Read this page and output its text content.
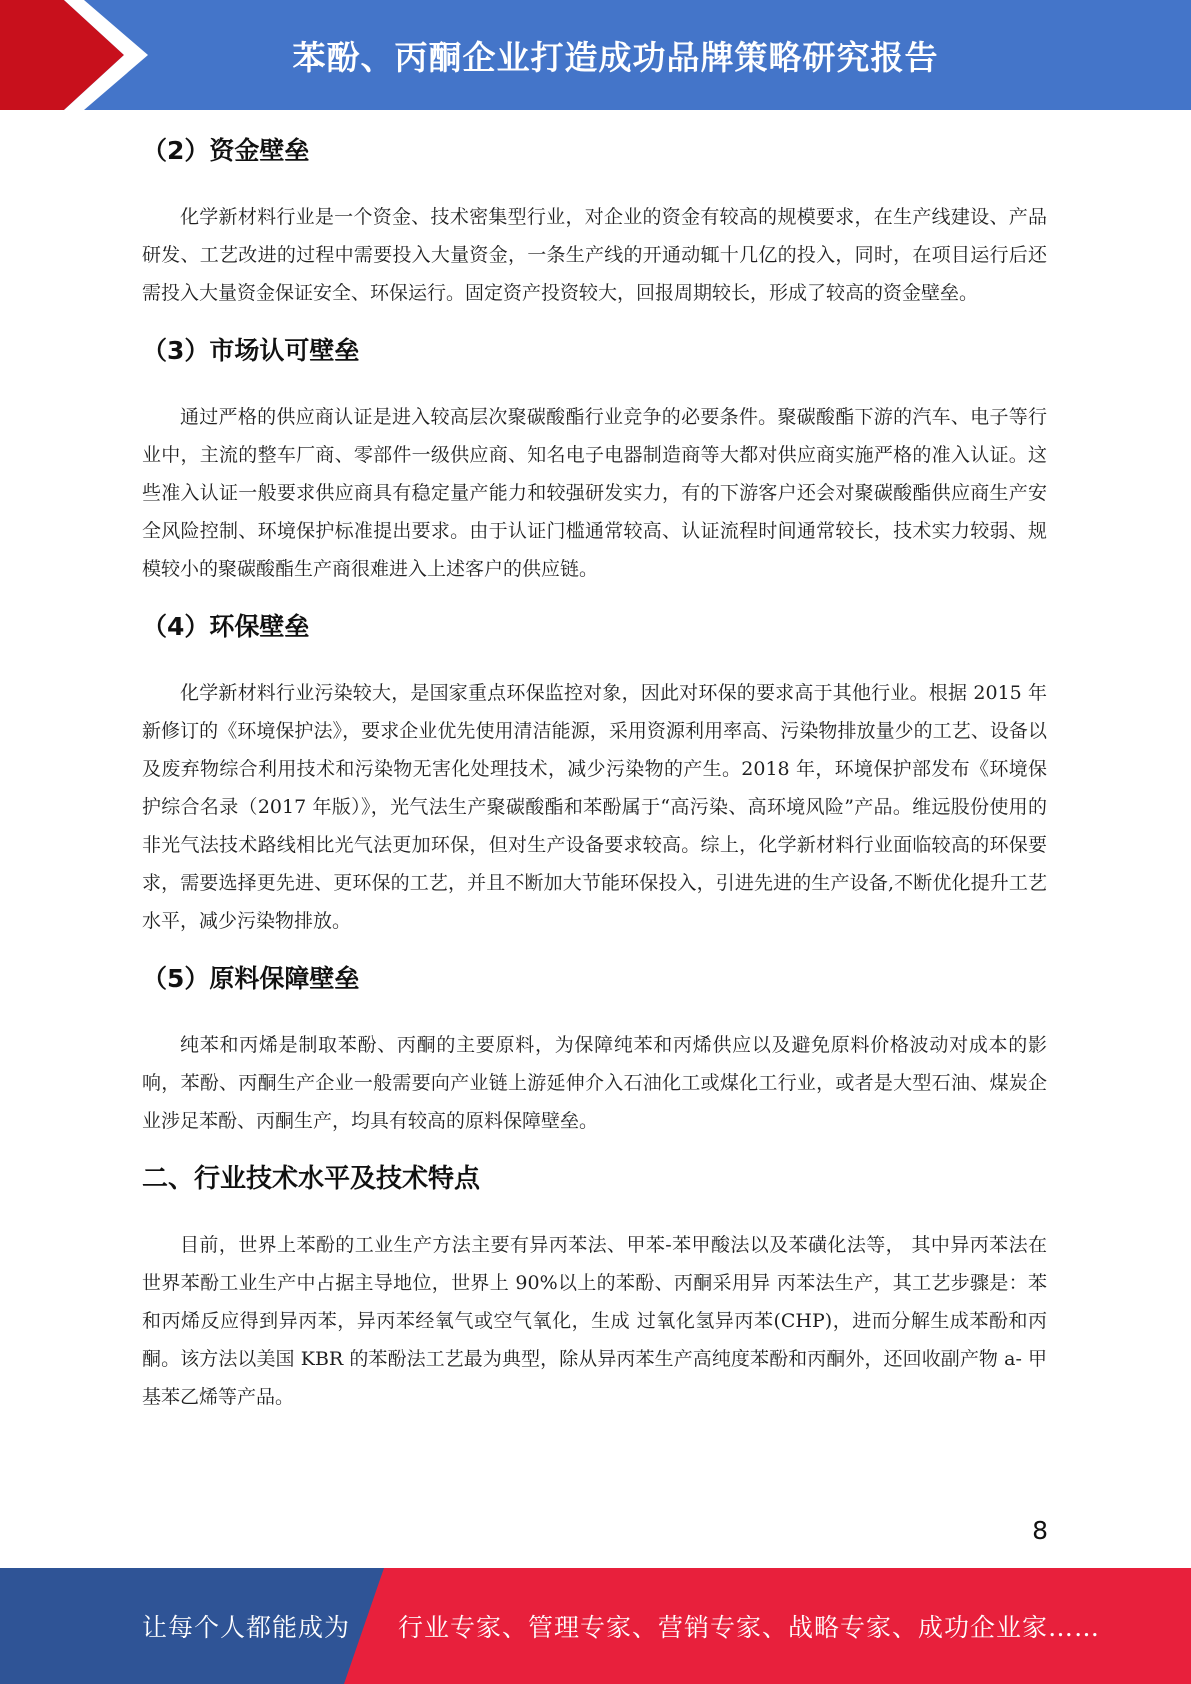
苯酚、丙酮企业打造成功品牌策略研究报告
（2）资金壁垒

化学新材料行业是一个资金、技术密集型行业，对企业的资金有较高的规模要求，在生产线建设、产品研发、工艺改进的过程中需要投入大量资金，一条生产线的开通动辄十几亿的投入，同时，在项目运行后还需投入大量资金保证安全、环保运行。固定资产投资较大，回报周期较长，形成了较高的资金壁垒。

（3）市场认可壁垒

通过严格的供应商认证是进入较高层次聚碳酸酯行业竞争的必要条件。聚碳酸酯下游的汽车、电子等行业中，主流的整车厂商、零部件一级供应商、知名电子电器制造商等大都对供应商实施严格的准入认证。这些准入认证一般要求供应商具有稳定量产能力和较强研发实力，有的下游客户还会对聚碳酸酯供应商生产安全风险控制、环境保护标准提出要求。由于认证门槛通常较高、认证流程时间通常较长，技术实力较弱、规模较小的聚碳酸酯生产商很难进入上述客户的供应链。

（4）环保壁垒

化学新材料行业污染较大，是国家重点环保监控对象，因此对环保的要求高于其他行业。根据 2015 年新修订的《环境保护法》，要求企业优先使用清洁能源，采用资源利用率高、污染物排放量少的工艺、设备以及废弃物综合利用技术和污染物无害化处理技术，减少污染物的产生。2018 年，环境保护部发布《环境保护综合名录（2017 年版）》，光气法生产聚碳酸酯和苯酚属于“高污染、高环境风险”产品。维远股份使用的非光气法技术路线相比光气法更加环保，但对生产设备要求较高。综上，化学新材料行业面临较高的环保要求，需要选择更先进、更环保的工艺，并且不断加大节能环保投入，引进先进的生产设备,不断优化提升工艺水平，减少污染物排放。

（5）原料保障壁垒

纯苯和丙烯是制取苯酚、丙酮的主要原料，为保障纯苯和丙烯供应以及避免原料价格波动对成本的影响，苯酚、丙酮生产企业一般需要向产业链上游延伸介入石油化工或煤化工行业，或者是大型石油、煤炭企业涉足苯酚、丙酮生产，均具有较高的原料保障壁垒。

二、行业技术水平及技术特点

目前，世界上苯酚的工业生产方法主要有异丙苯法、甲苯-苯甲酸法以及苯磺化法等， 其中异丙苯法在世界苯酚工业生产中占据主导地位，世界上 90%以上的苯酚、丙酮采用异 丙苯法生产，其工艺步骤是：苯和丙烯反应得到异丙苯，异丙苯经氧气或空气氧化，生成 过氧化氢异丙苯(CHP)，进而分解生成苯酚和丙酮。该方法以美国 KBR 的苯酚法工艺最为典型，除从异丙苯生产高纯度苯酚和丙酮外，还回收副产物 a- 甲基苯乙烯等产品。

8
让每个人都能成为 行业专家、管理专家、营销专家、战略专家、成功企业家……
